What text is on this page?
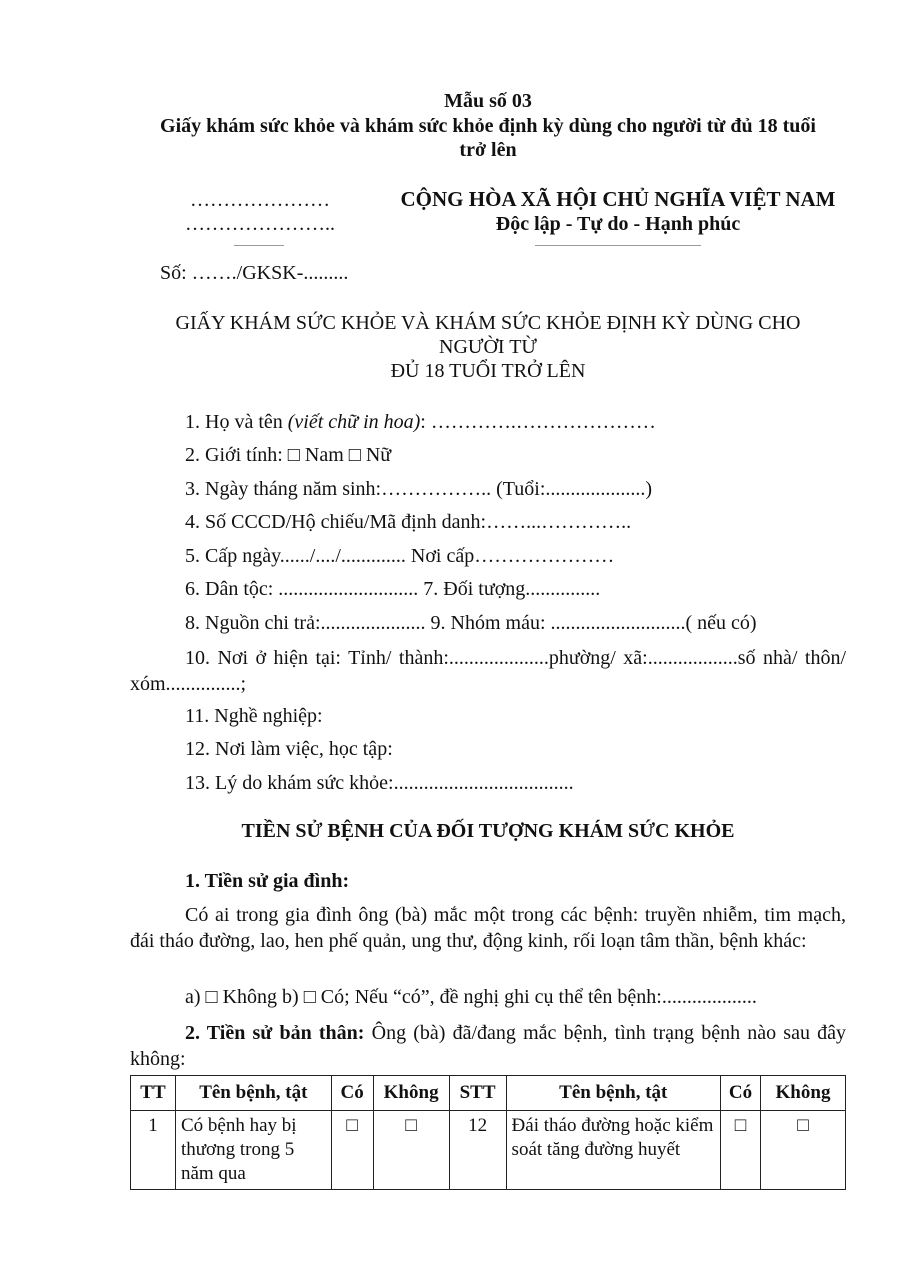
Mẫu số 03
Giấy khám sức khỏe và khám sức khỏe định kỳ dùng cho người từ đủ 18 tuổi
trở lên
…………………
…………………..
CỘNG HÒA XÃ HỘI CHỦ NGHĨA VIỆT NAM
Độc lập - Tự do - Hạnh phúc
Số: ……./GKSK-.........
GIẤY KHÁM SỨC KHỎE VÀ KHÁM SỨC KHỎE ĐỊNH KỲ DÙNG CHO
NGƯỜI TỪ
ĐỦ 18 TUỔI TRỞ LÊN
1. Họ và tên (viết chữ in hoa): ………….…………………
2. Giới tính: □ Nam □ Nữ
3. Ngày tháng năm sinh:…………….. (Tuổi:....................)
4. Số CCCD/Hộ chiếu/Mã định danh:……...…………..
5. Cấp ngày....../..../............. Nơi cấp…………………
6. Dân tộc: ............................ 7. Đối tượng...............
8. Nguồn chi trả:..................... 9. Nhóm máu: ...........................( nếu có)
10. Nơi ở hiện tại: Tỉnh/ thành:....................phường/ xã:..................số nhà/ thôn/ xóm...............;
11. Nghề nghiệp:
12. Nơi làm việc, học tập:
13. Lý do khám sức khỏe:....................................
TIỀN SỬ BỆNH CỦA ĐỐI TƯỢNG KHÁM SỨC KHỎE
1. Tiền sử gia đình:
Có ai trong gia đình ông (bà) mắc một trong các bệnh: truyền nhiễm, tim mạch, đái tháo đường, lao, hen phế quản, ung thư, động kinh, rối loạn tâm thần, bệnh khác:
a) □ Không b) □ Có; Nếu “có”, đề nghị ghi cụ thể tên bệnh:...................
2. Tiền sử bản thân: Ông (bà) đã/đang mắc bệnh, tình trạng bệnh nào sau đây không:
TT	Tên bệnh, tật	Có	Không	STT	Tên bệnh, tật	Có	Không
1	Có bệnh hay bị thương trong 5 năm qua	□	□	12	Đái tháo đường hoặc kiểm soát tăng đường huyết	□	□
